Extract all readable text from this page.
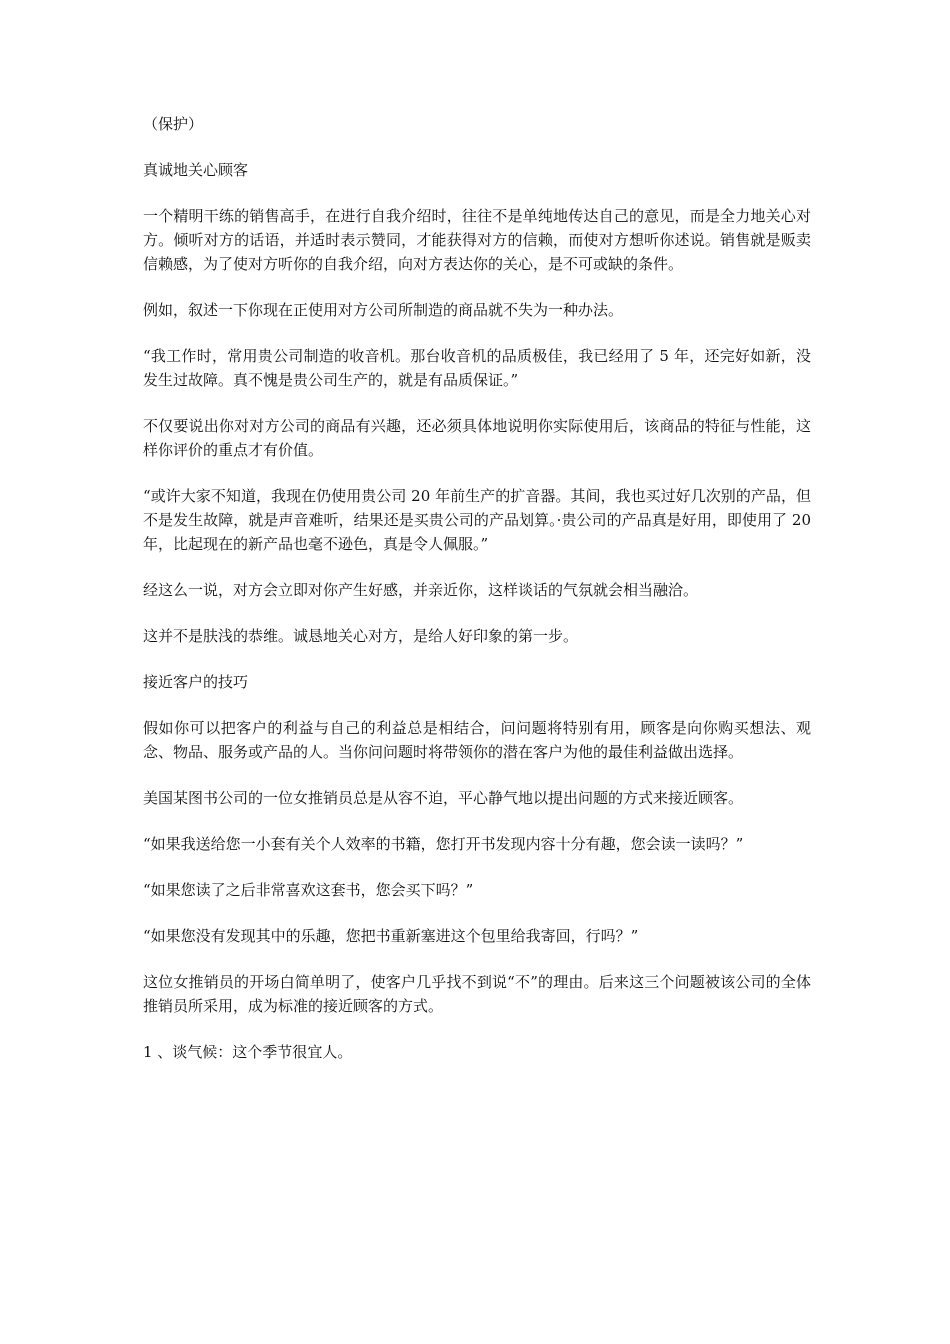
（保护）

真诚地关心顾客

一个精明干练的销售高手，在进行自我介绍时，往往不是单纯地传达自己的意见，而是全力地关心对方。倾听对方的话语，并适时表示赞同，才能获得对方的信赖，而使对方想听你述说。销售就是贩卖信赖感，为了使对方听你的自我介绍，向对方表达你的关心，是不可或缺的条件。

例如，叙述一下你现在正使用对方公司所制造的商品就不失为一种办法。

“我工作时，常用贵公司制造的收音机。那台收音机的品质极佳，我已经用了 5 年，还完好如新，没发生过故障。真不愧是贵公司生产的，就是有品质保证。”

不仅要说出你对对方公司的商品有兴趣，还必须具体地说明你实际使用后，该商品的特征与性能，这样你评价的重点才有价值。

“或许大家不知道，我现在仍使用贵公司 20 年前生产的扩音器。其间，我也买过好几次别的产品，但不是发生故障，就是声音难听，结果还是买贵公司的产品划算。·贵公司的产品真是好用，即使用了 20 年，比起现在的新产品也毫不逊色，真是令人佩服。”

经这么一说，对方会立即对你产生好感，并亲近你，这样谈话的气氛就会相当融洽。

这并不是肤浅的恭维。诚恳地关心对方，是给人好印象的第一步。

接近客户的技巧

假如你可以把客户的利益与自己的利益总是相结合，问问题将特别有用，顾客是向你购买想法、观念、物品、服务或产品的人。当你问问题时将带领你的潜在客户为他的最佳利益做出选择。

美国某图书公司的一位女推销员总是从容不迫，平心静气地以提出问题的方式来接近顾客。

“如果我送给您一小套有关个人效率的书籍，您打开书发现内容十分有趣，您会读一读吗？”

“如果您读了之后非常喜欢这套书，您会买下吗？”

“如果您没有发现其中的乐趣，您把书重新塞进这个包里给我寄回，行吗？”

这位女推销员的开场白简单明了，使客户几乎找不到说“不”的理由。后来这三个问题被该公司的全体推销员所采用，成为标准的接近顾客的方式。

1 、谈气候：这个季节很宜人。
